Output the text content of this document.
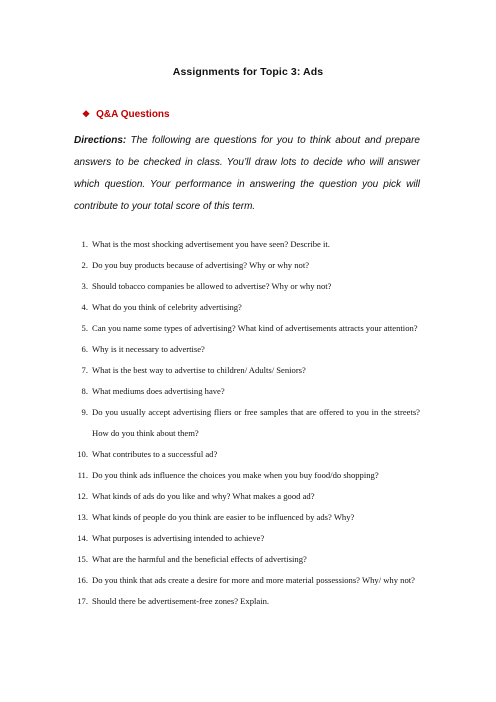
Assignments for Topic 3: Ads
❖ Q&A Questions
Directions: The following are questions for you to think about and prepare answers to be checked in class. You’ll draw lots to decide who will answer which question. Your performance in answering the question you pick will contribute to your total score of this term.
1. What is the most shocking advertisement you have seen? Describe it.
2. Do you buy products because of advertising? Why or why not?
3. Should tobacco companies be allowed to advertise? Why or why not?
4. What do you think of celebrity advertising?
5. Can you name some types of advertising? What kind of advertisements attracts your attention?
6. Why is it necessary to advertise?
7. What is the best way to advertise to children/ Adults/ Seniors?
8. What mediums does advertising have?
9. Do you usually accept advertising fliers or free samples that are offered to you in the streets? How do you think about them?
10. What contributes to a successful ad?
11. Do you think ads influence the choices you make when you buy food/do shopping?
12. What kinds of ads do you like and why? What makes a good ad?
13. What kinds of people do you think are easier to be influenced by ads? Why?
14. What purposes is advertising intended to achieve?
15. What are the harmful and the beneficial effects of advertising?
16. Do you think that ads create a desire for more and more material possessions? Why/ why not?
17. Should there be advertisement-free zones? Explain.
